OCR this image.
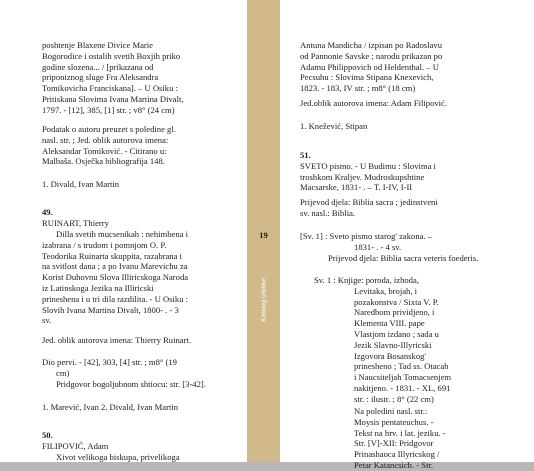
poshtenje Blaxene Divice Marie
Bogorodice i ostalih svetih Boxjih priko
godine slozena... / [prikazana od
priponiznog sluge Fra Aleksandra
Tomikovicha Franciskana]. – U Osiku :
Pritiskana Slovima Ivana Martina Divalt,
1797. - [12], 385, [1] str. ; v8° (24 cm)
Podatak o autoru preuzet s poledine gl.
nasl. str. ; Jed. oblik autorova imena:
Aleksandar Tomiković. - Citirano u:
Malbaša. Osječka bibliografija 148.
1. Divald, Ivan Martin
49.
RUINART, Thierry
Dilla svetih mucsenikah : nehimbena i
izabrana / s trudom i pomnjom O. P.
Teodorika Ruinarta skuppita, razabrana i
na svitlost dana ; a po Ivanu Marevichu za
Korist Duhovnu Slova Illiricskoga Naroda
iz Latinskoga Jezika na Illiricski
prineshena i u tri dila razdilita. - U Osiku :
Slovih Ivana Martina Divalt, 1800- . - 3
sv.
Jed. oblik autorova imena: Thierry Ruinart.
Dio pervi. - [42], 303, [4] str. ; m8° (19
cm)
Pridgovor bogoljubnom shtiocu: str. [3-42].
1. Marević, Ivan 2. Divald, Ivan Martin
50.
FILIPOVIĆ, Adam
Xivot velikoga biskupa, privelikoga
19
Katalog izloške
Antuna Mandicha / izpisan po Radoslavu
od Pannonie Savske ; narodu prikazan po
Adamu Philippovich od Heldenthal. – U
Pecsuhu : Slovima Stipana Knexevich,
1823. - 183, IV str. ; m8° (18 cm)
Jed.oblik autorova imena: Adam Filipović.
1. Knežević, Stipan
51.
SVETO pismo. - U Budimu : Slovima i
troshkom Kraljev. Mudroskupshtine
Macsarske, 1831- . – T. I-IV, I-II
Prijevod djela: Biblia sacra ; jedinstveni
sv. nasl.: Biblia.
[Sv. 1] : Sveto pismo starog' zakona. –
1831- . - 4 sv.
Prijevod djela: Biblia sacra veteris foederis.
Sv. 1 : Knjige: poroda, izhoda,
Levitaka, brojah, i
pozakonstva / Sixta V. P.
Naredbom prividjeno, i
Klementa VIII. pape
Vlastjom izdano ; sada u
Jezik Slavno-Illyricski
Izgovora Bosanskog'
prinesheno ; Tad ss. Otacah
i Naucsiteljah Tomacsenjem
nakitjeno. - 1831. - XL, 691
str. : ilustr. ; 8° (22 cm)
Na poledini nasl. str.:
Moysis pentateuchus. -
Tekst na hrv. i lat. jeziku. -
Str. [V]-XII: Pridgovor
Prinashaoca Illyricskog /
Petar Katancsich. - Str.
